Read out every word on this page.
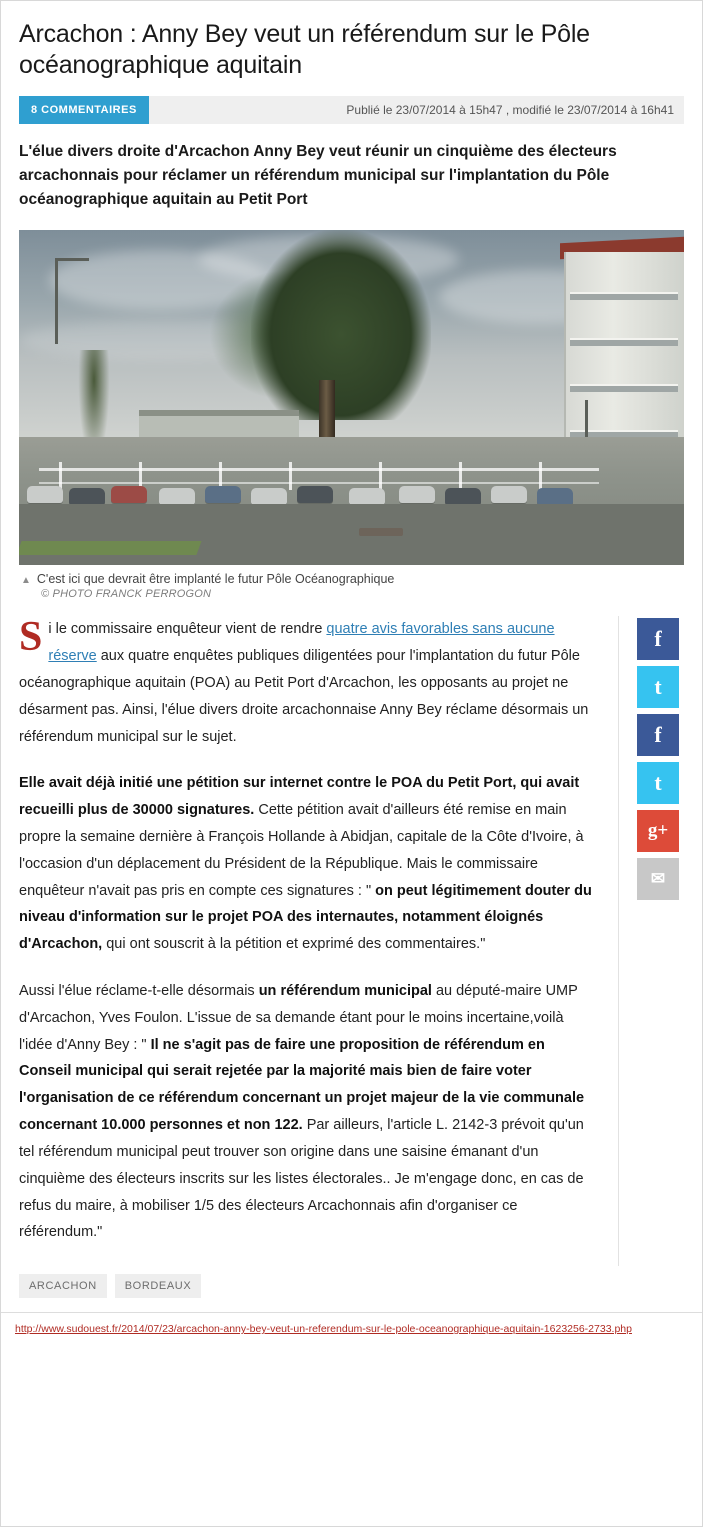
Arcachon : Anny Bey veut un référendum sur le Pôle océanographique aquitain
8 COMMENTAIRES	Publié le 23/07/2014 à 15h47 , modifié le 23/07/2014 à 16h41

L'élue divers droite d'Arcachon Anny Bey veut réunir un cinquième des électeurs arcachonnais pour réclamer un référendum municipal sur l'implantation du Pôle océanographique aquitain au Petit Port

▲ C'est ici que devrait être implanté le futur Pôle Océanographique
© PHOTO FRANCK PERROGON

Si le commissaire enquêteur vient de rendre quatre avis favorables sans aucune réserve aux quatre enquêtes publiques diligentées pour l'implantation du futur Pôle océanographique aquitain (POA) au Petit Port d'Arcachon, les opposants au projet ne désarment pas. Ainsi, l'élue divers droite arcachonnaise Anny Bey réclame désormais un référendum municipal sur le sujet.

Elle avait déjà initié une pétition sur internet contre le POA du Petit Port, qui avait recueilli plus de 30000 signatures. Cette pétition avait d'ailleurs été remise en main propre la semaine dernière à François Hollande à Abidjan, capitale de la Côte d'Ivoire, à l'occasion d'un déplacement du Président de la République. Mais le commissaire enquêteur n'avait pas pris en compte ces signatures : " on peut légitimement douter du niveau d'information sur le projet POA des internautes, notamment éloignés d'Arcachon, qui ont souscrit à la pétition et exprimé des commentaires."

Aussi l'élue réclame-t-elle désormais un référendum municipal au député-maire UMP d'Arcachon, Yves Foulon. L'issue de sa demande étant pour le moins incertaine,voilà l'idée d'Anny Bey : " Il ne s'agit pas de faire une proposition de référendum en Conseil municipal qui serait rejetée par la majorité mais bien de faire voter l'organisation de ce référendum concernant un projet majeur de la vie communale concernant 10.000 personnes et non 122. Par ailleurs, l'article L. 2142-3 prévoit qu'un tel référendum municipal peut trouver son origine dans une saisine émanant d'un cinquième des électeurs inscrits sur les listes électorales.. Je m'engage donc, en cas de refus du maire, à mobiliser 1/5 des électeurs Arcachonnais afin d'organiser ce référendum."

f
t
f
t
g+
✉
ARCACHON	BORDEAUX
http://www.sudouest.fr/2014/07/23/arcachon-anny-bey-veut-un-referendum-sur-le-pole-oceanographique-aquitain-1623256-2733.php
